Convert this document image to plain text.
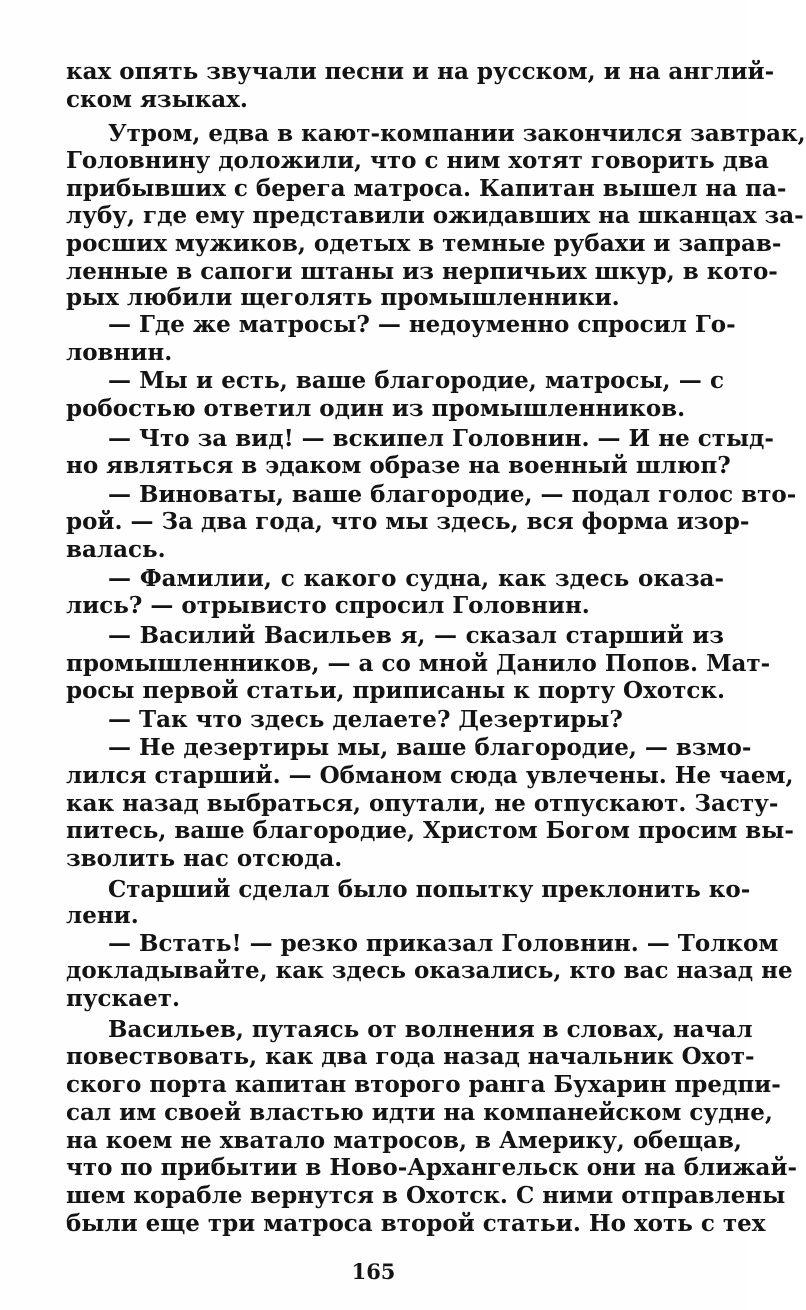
ках опять звучали песни и на русском, и на англий-
ском языках.
Утром, едва в кают-компании закончился завтрак,
Головнину доложили, что с ним хотят говорить два
прибывших с берега матроса. Капитан вышел на па-
лубу, где ему представили ожидавших на шканцах за-
росших мужиков, одетых в темные рубахи и заправ-
ленные в сапоги штаны из нерпичьих шкур, в кото-
рых любили щеголять промышленники.
— Где же матросы? — недоуменно спросил Го-
ловнин.
— Мы и есть, ваше благородие, матросы, — с
робостью ответил один из промышленников.
— Что за вид! — вскипел Головнин. — И не стыд-
но являться в эдаком образе на военный шлюп?
— Виноваты, ваше благородие, — подал голос вто-
рой. — За два года, что мы здесь, вся форма изор-
валась.
— Фамилии, с какого судна, как здесь оказа-
лись? — отрывисто спросил Головнин.
— Василий Васильев я, — сказал старший из
промышленников, — а со мной Данило Попов. Мат-
росы первой статьи, приписаны к порту Охотск.
— Так что здесь делаете? Дезертиры?
— Не дезертиры мы, ваше благородие, — взмо-
лился старший. — Обманом сюда увлечены. Не чаем,
как назад выбраться, опутали, не отпускают. Засту-
питесь, ваше благородие, Христом Богом просим вы-
зволить нас отсюда.
Старший сделал было попытку преклонить ко-
лени.
— Встать! — резко приказал Головнин. — Толком
докладывайте, как здесь оказались, кто вас назад не
пускает.
Васильев, путаясь от волнения в словах, начал
повествовать, как два года назад начальник Охот-
ского порта капитан второго ранга Бухарин предпи-
сал им своей властью идти на компанейском судне,
на коем не хватало матросов, в Америку, обещав,
что по прибытии в Ново-Архангельск они на ближай-
шем корабле вернутся в Охотск. С ними отправлены
были еще три матроса второй статьи. Но хоть с тех
165
